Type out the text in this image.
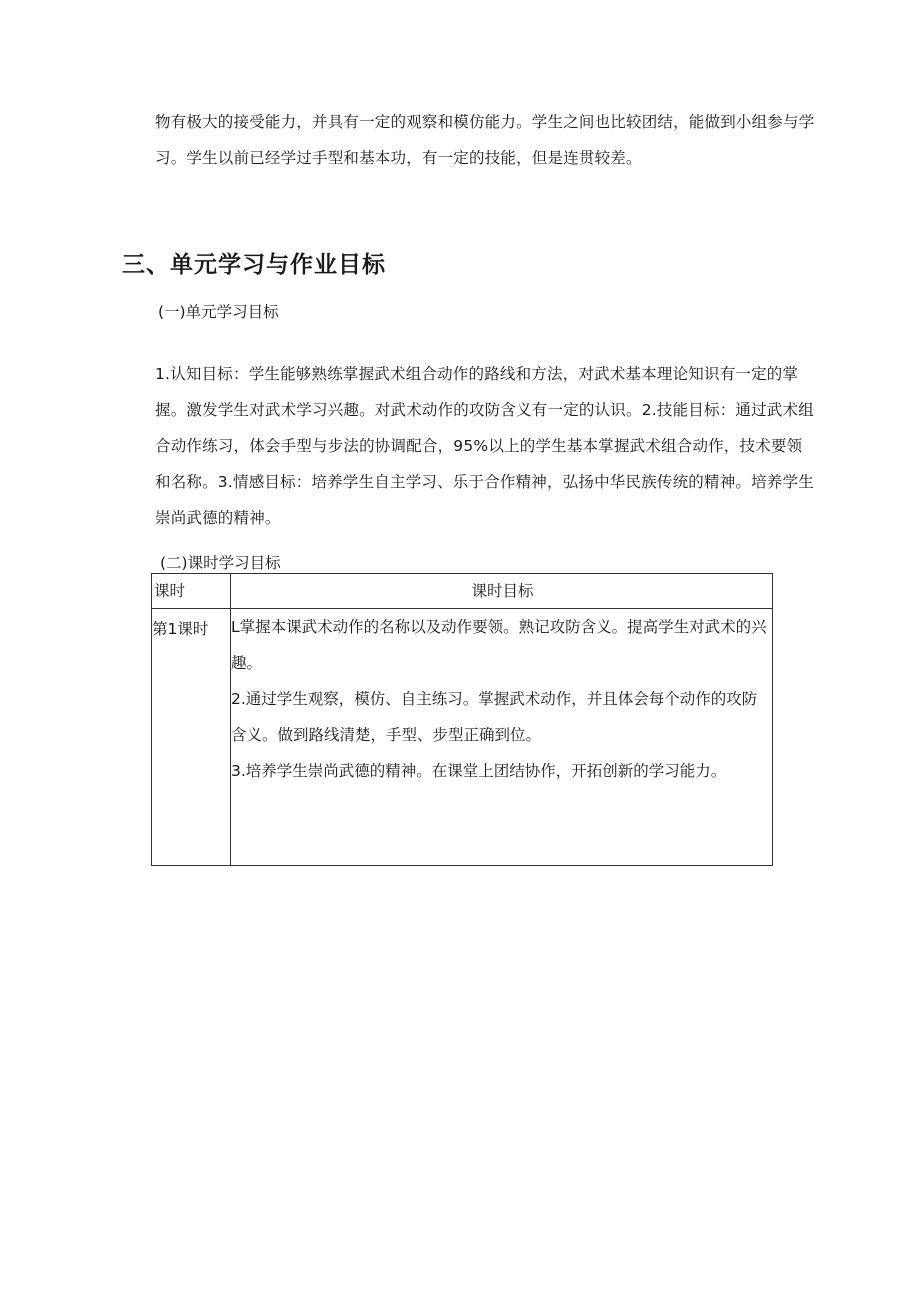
物有极大的接受能力，并具有一定的观察和模仿能力。学生之间也比较团结，能做到小组参与学习。学生以前已经学过手型和基本功，有一定的技能，但是连贯较差。

三、单元学习与作业目标

(一)单元学习目标

1.认知目标：学生能够熟练掌握武术组合动作的路线和方法，对武术基本理论知识有一定的掌握。激发学生对武术学习兴趣。对武术动作的攻防含义有一定的认识。2.技能目标：通过武术组合动作练习，体会手型与步法的协调配合，95%以上的学生基本掌握武术组合动作，技术要领和名称。3.情感目标：培养学生自主学习、乐于合作精神，弘扬中华民族传统的精神。培养学生崇尚武德的精神。

(二)课时学习目标

课时	课时目标

第1课时	L掌握本课武术动作的名称以及动作要领。熟记攻防含义。提高学生对武术的兴趣。
2.通过学生观察，模仿、自主练习。掌握武术动作，并且体会每个动作的攻防含义。做到路线清楚，手型、步型正确到位。
3.培养学生崇尚武德的精神。在课堂上团结协作，开拓创新的学习能力。
